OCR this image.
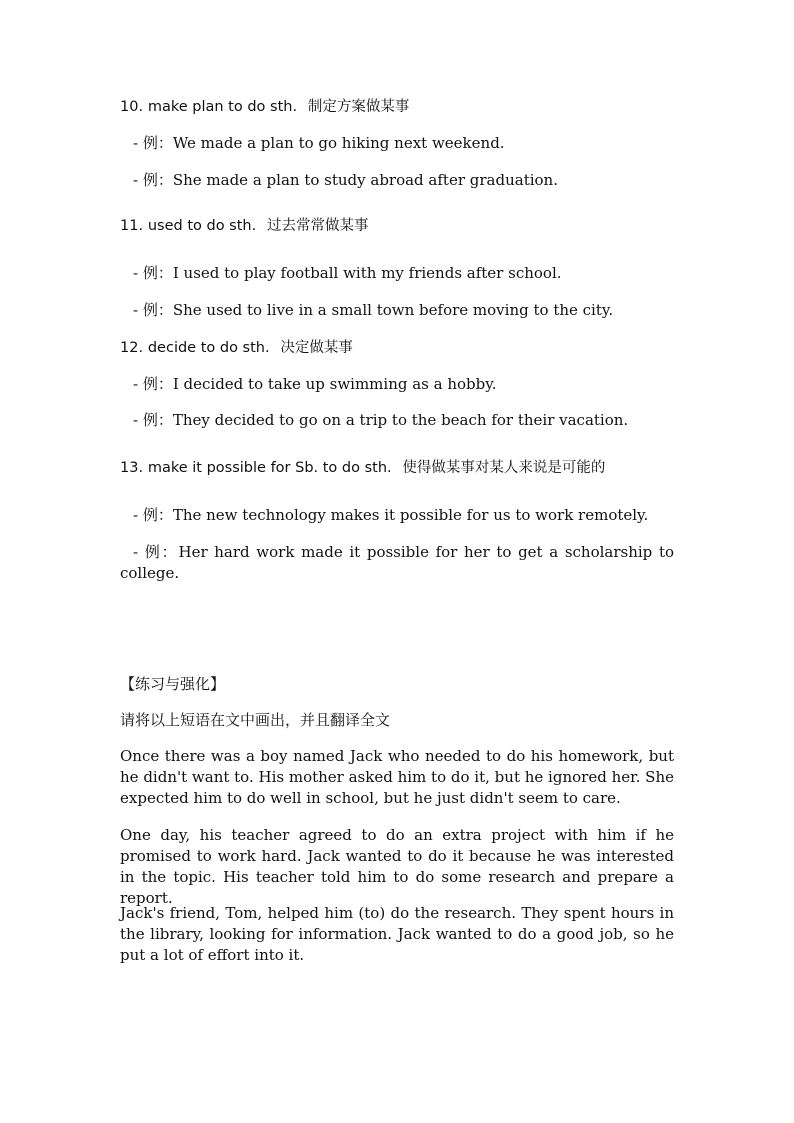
10. make plan to do sth. 制定方案做某事
- 例：We made a plan to go hiking next weekend.
- 例：She made a plan to study abroad after graduation.
11. used to do sth. 过去常常做某事
- 例：I used to play football with my friends after school.
- 例：She used to live in a small town before moving to the city.
12. decide to do sth. 决定做某事
- 例：I decided to take up swimming as a hobby.
- 例：They decided to go on a trip to the beach for their vacation.
13. make it possible for Sb. to do sth. 使得做某事对某人来说是可能的
- 例：The new technology makes it possible for us to work remotely.
- 例：Her hard work made it possible for her to get a scholarship to college.
【练习与强化】
请将以上短语在文中画出，并且翻译全文
Once there was a boy named Jack who needed to do his homework, but he didn't want to. His mother asked him to do it, but he ignored her. She expected him to do well in school, but he just didn't seem to care.
One day, his teacher agreed to do an extra project with him if he promised to work hard. Jack wanted to do it because he was interested in the topic. His teacher told him to do some research and prepare a report.
Jack's friend, Tom, helped him (to) do the research. They spent hours in the library, looking for information. Jack wanted to do a good job, so he put a lot of effort into it.
